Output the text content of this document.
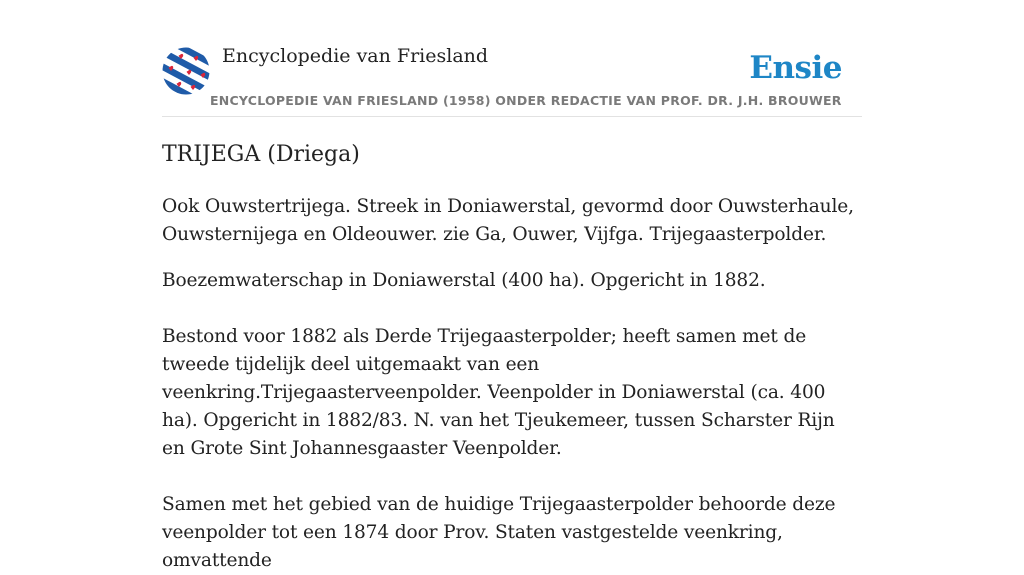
Encyclopedie van Friesland
ENCYCLOPEDIE VAN FRIESLAND (1958) ONDER REDACTIE VAN PROF. DR. J.H. BROUWER
Ensie
TRIJEGA (Driega)

Ook Ouwstertrijega. Streek in Doniawerstal, gevormd door Ouwsterhaule, Ouwsternijega en Oldeouwer. zie Ga, Ouwer, Vijfga. Trijegaasterpolder.

Boezemwaterschap in Doniawerstal (400 ha). Opgericht in 1882.

Bestond voor 1882 als Derde Trijegaasterpolder; heeft samen met de tweede tijdelijk deel uitgemaakt van een veenkring.Trijegaasterveenpolder. Veenpolder in Doniawerstal (ca. 400 ha). Opgericht in 1882/83. N. van het Tjeukemeer, tussen Scharster Rijn en Grote Sint Johannesgaaster Veenpolder.

Samen met het gebied van de huidige Trijegaasterpolder behoorde deze veenpolder tot een 1874 door Prov. Staten vastgestelde veenkring, omvattende
